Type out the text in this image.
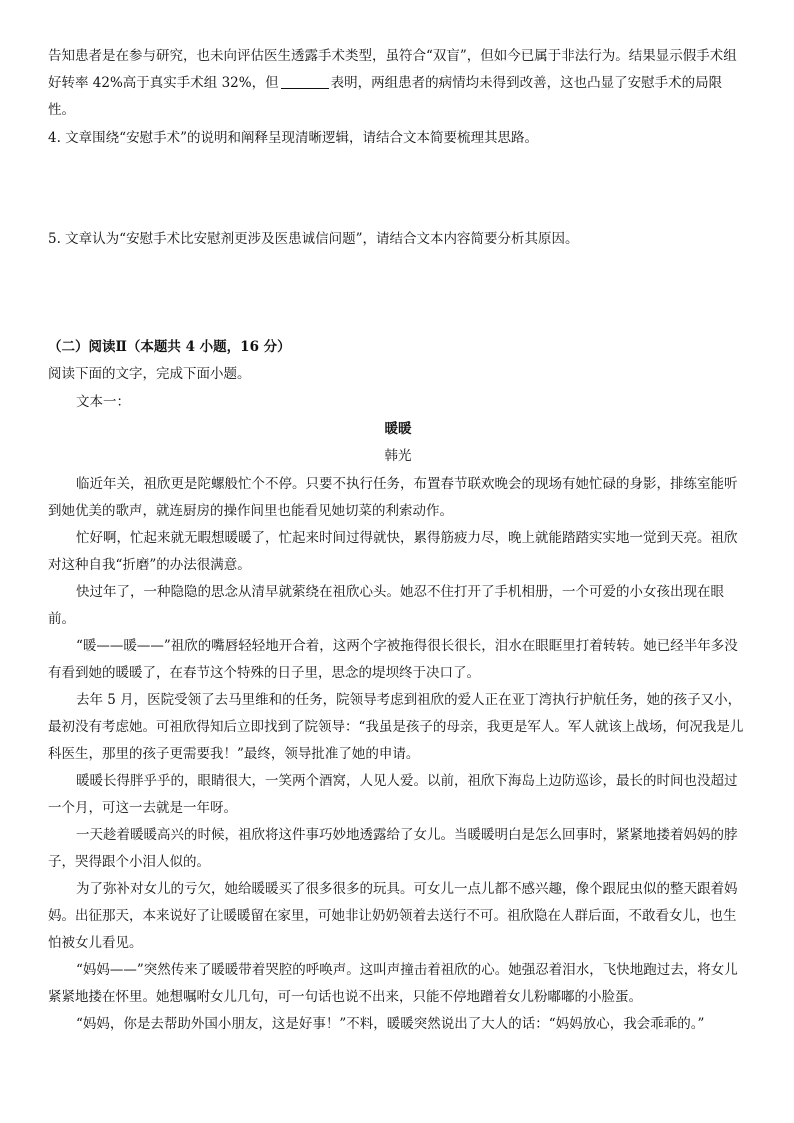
告知患者是在参与研究，也未向评估医生透露手术类型，虽符合“双盲”，但如今已属于非法行为。结果显示假手术组好转率 42%高于真实手术组 32%，但	表明，两组患者的病情均未得到改善，这也凸显了安慰手术的局限性。
4. 文章围绕“安慰手术”的说明和阐释呈现清晰逻辑，请结合文本简要梳理其思路。
5. 文章认为“安慰手术比安慰剂更涉及医患诚信问题”，请结合文本内容简要分析其原因。
（二）阅读Ⅱ（本题共 4 小题，16 分）
阅读下面的文字，完成下面小题。
文本一：
暖暖
韩光

临近年关，祖欣更是陀螺般忙个不停。只要不执行任务，布置春节联欢晚会的现场有她忙碌的身影，排练室能听到她优美的歌声，就连厨房的操作间里也能看见她切菜的利索动作。

忙好啊，忙起来就无暇想暖暖了，忙起来时间过得就快，累得筋疲力尽，晚上就能踏踏实实地一觉到天亮。祖欣对这种自我“折磨”的办法很满意。

快过年了，一种隐隐的思念从清早就萦绕在祖欣心头。她忍不住打开了手机相册，一个可爱的小女孩出现在眼前。

“暖——暖——”祖欣的嘴唇轻轻地开合着，这两个字被拖得很长很长，泪水在眼眶里打着转转。她已经半年多没有看到她的暖暖了，在春节这个特殊的日子里，思念的堤坝终于决口了。

去年 5 月，医院受领了去马里维和的任务，院领导考虑到祖欣的爱人正在亚丁湾执行护航任务，她的孩子又小，最初没有考虑她。可祖欣得知后立即找到了院领导：“我虽是孩子的母亲，我更是军人。军人就该上战场，何况我是儿科医生，那里的孩子更需要我！”最终，领导批准了她的申请。

暖暖长得胖乎乎的，眼睛很大，一笑两个酒窝，人见人爱。以前，祖欣下海岛上边防巡诊，最长的时间也没超过一个月，可这一去就是一年呀。

一天趁着暖暖高兴的时候，祖欣将这件事巧妙地透露给了女儿。当暖暖明白是怎么回事时，紧紧地搂着妈妈的脖子，哭得跟个小泪人似的。

为了弥补对女儿的亏欠，她给暖暖买了很多很多的玩具。可女儿一点儿都不感兴趣，像个跟屁虫似的整天跟着妈妈。出征那天，本来说好了让暖暖留在家里，可她非让奶奶领着去送行不可。祖欣隐在人群后面，不敢看女儿，也生怕被女儿看见。

“妈妈——”突然传来了暖暖带着哭腔的呼唤声。这叫声撞击着祖欣的心。她强忍着泪水，飞快地跑过去，将女儿紧紧地搂在怀里。她想嘱咐女儿几句，可一句话也说不出来，只能不停地蹭着女儿粉嘟嘟的小脸蛋。

“妈妈，你是去帮助外国小朋友，这是好事！”不料，暖暖突然说出了大人的话：“妈妈放心，我会乖乖的。”
